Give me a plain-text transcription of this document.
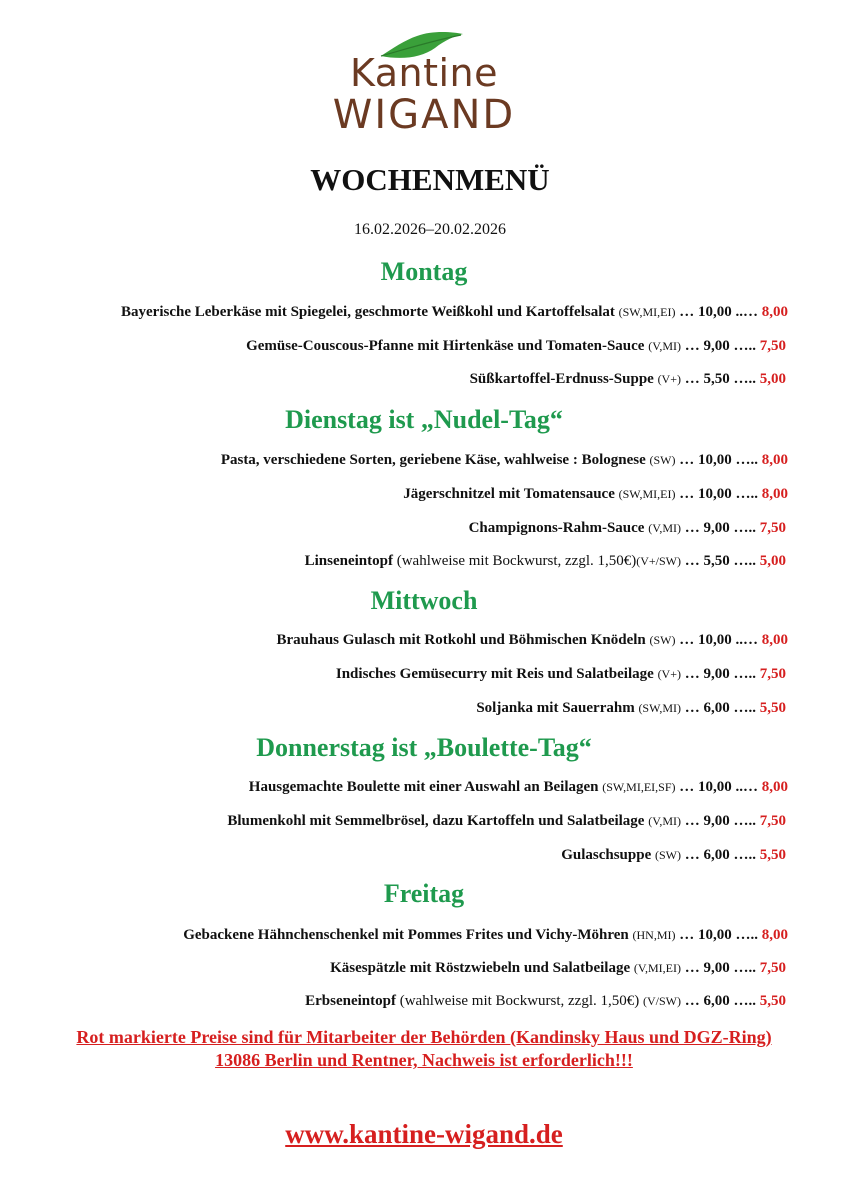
Kantine
WIGAND
WOCHENMENÜ
16.02.2026–20.02.2026
Montag
Bayerische Leberkäse mit Spiegelei, geschmorte Weißkohl und Kartoffelsalat (SW,MI,EI) … 10,00 ..… 8,00
Gemüse-Couscous-Pfanne mit Hirtenkäse und Tomaten-Sauce (V,MI) … 9,00 ….. 7,50
Süßkartoffel-Erdnuss-Suppe (V+) … 5,50 ….. 5,00
Dienstag ist „Nudel-Tag“
Pasta, verschiedene Sorten, geriebene Käse, wahlweise : Bolognese (SW) … 10,00 ….. 8,00
Jägerschnitzel mit Tomatensauce (SW,MI,EI) … 10,00 ….. 8,00
Champignons-Rahm-Sauce (V,MI) … 9,00 ….. 7,50
Linseneintopf (wahlweise mit Bockwurst, zzgl. 1,50€)(V+/SW) … 5,50 ….. 5,00
Mittwoch
Brauhaus Gulasch mit Rotkohl und Böhmischen Knödeln (SW) … 10,00 ..… 8,00
Indisches Gemüsecurry mit Reis und Salatbeilage (V+) … 9,00 ….. 7,50
Soljanka mit Sauerrahm (SW,MI) … 6,00 ….. 5,50
Donnerstag ist „Boulette-Tag“
Hausgemachte Boulette mit einer Auswahl an Beilagen (SW,MI,EI,SF) … 10,00 ..… 8,00
Blumenkohl mit Semmelbrösel, dazu Kartoffeln und Salatbeilage (V,MI) … 9,00 ….. 7,50
Gulaschsuppe (SW) … 6,00 ….. 5,50
Freitag
Gebackene Hähnchenschenkel mit Pommes Frites und Vichy-Möhren (HN,MI) … 10,00 ….. 8,00
Käsespätzle mit Röstzwiebeln und Salatbeilage (V,MI,EI) … 9,00 ….. 7,50
Erbseneintopf (wahlweise mit Bockwurst, zzgl. 1,50€) (V/SW) … 6,00 ….. 5,50
Rot markierte Preise sind für Mitarbeiter der Behörden (Kandinsky Haus und DGZ-Ring)
13086 Berlin und Rentner, Nachweis ist erforderlich!!!
www.kantine-wigand.de
